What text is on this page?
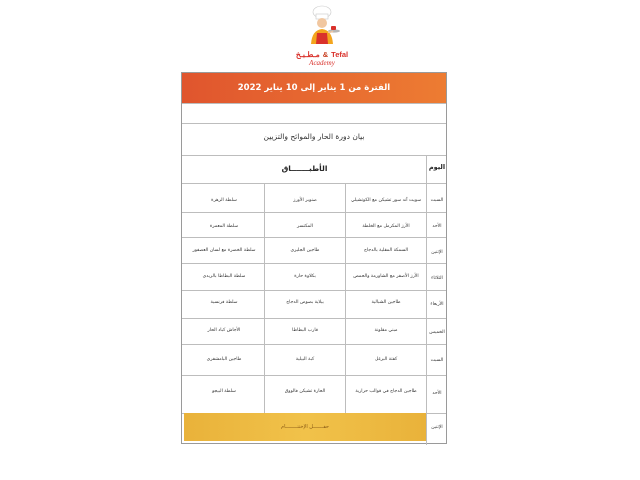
مـطـبـخ & Tefal
Academy
الفترة من 1 يناير إلى 10 يناير 2022
بيان دورة الحار والموائح والتزيين
اليوم
الأطبـــــــاق
السبت
سويت آند سور تشيكن مع الكوتشيلي
صنوبر الأورز
سلطة الزهرة
الأحد
الأرز المكرمل مع الخلطة
المكتسر
سلطة المعمرة
الإثنين
السمكة المقلية بالدجاج
طاجين الجليزي
سلطة الخضرة مع لسان العصفور
الثلاثاء
الأرز الأصفر مع الشاورمة والحمص
بكلاوة حارة
سلطة البطاطا بالزبدي
الأربعاء
طاجين الشبالية
بيلاية بصوص الدجاج
سلطة فرنسية
الخميس
مبني مقلونة
قارب البطاطا
الأجاش كباد الحار
السبت
كفتة البرغل
كبة البيلية
طاجين البامشفري
الأحد
طاجين الدجاج في قوالب حرارية
الحارة تشيكن فالووق
سلطة البيجو
الإثنين
حفـــــــل الإختتــــــــام
